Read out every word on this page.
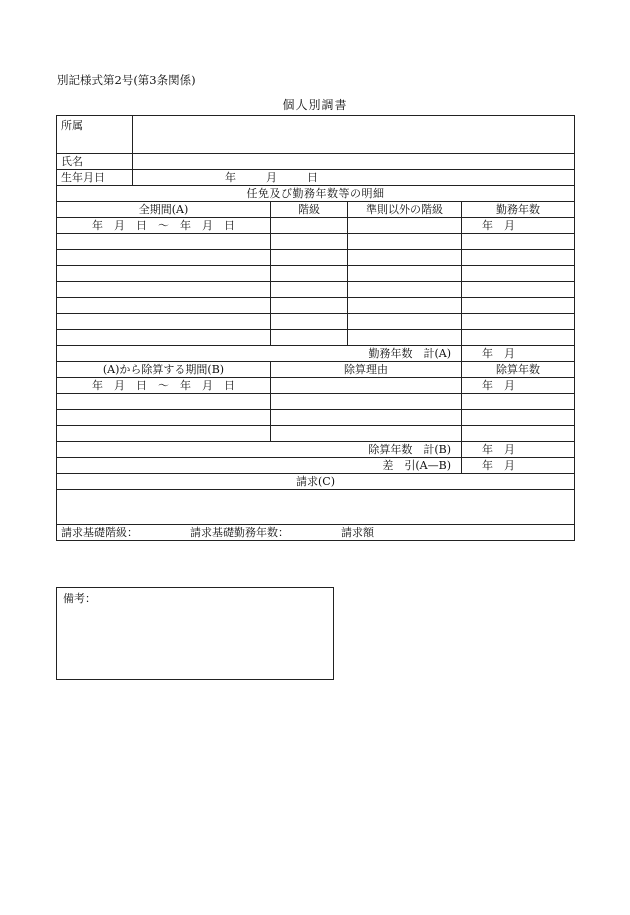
別記様式第2号(第3条関係)
個人別調書
所属				
氏名				
生年月日	年 月 日			
任免及び勤務年数等の明細				
全期間(A)		階級	準則以外の階級	勤務年数
年　月　日　～　年　月　日				年　月

勤務年数　計(A)				年　月
(A)から除算する期間(B)		除算理由		除算年数
年　月　日　～　年　月　日				年　月

除算年数　計(B)				年　月
差　引(A—B)				年　月
請求(C)				

請求基礎階級： 請求基礎勤務年数： 請求額				
備考：
